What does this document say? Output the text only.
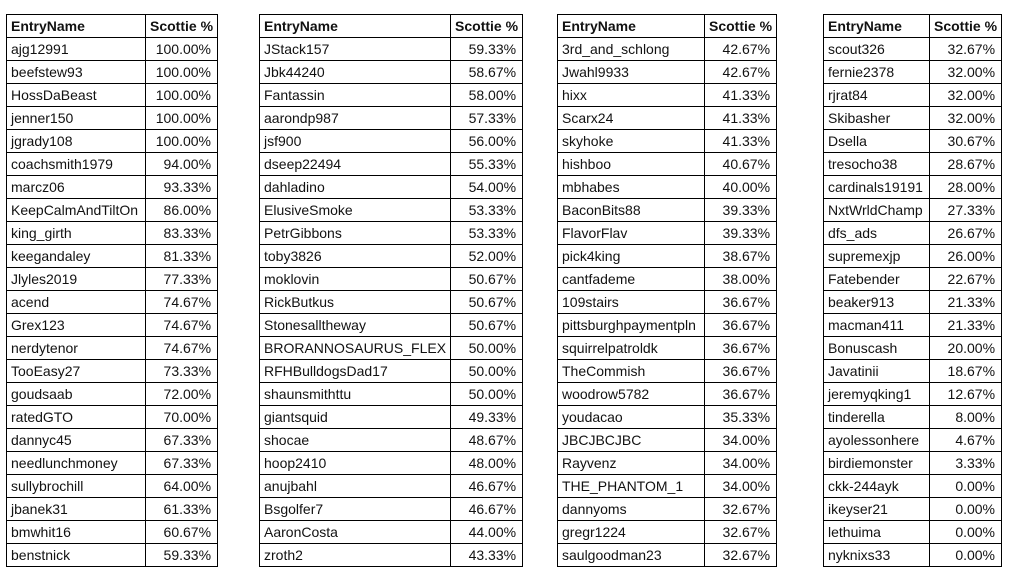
EntryName	Scottie %
ajg12991	100.00%
beefstew93	100.00%
HossDaBeast	100.00%
jenner150	100.00%
jgrady108	100.00%
coachsmith1979	94.00%
marcz06	93.33%
KeepCalmAndTiltOn	86.00%
king_girth	83.33%
keegandaley	81.33%
Jlyles2019	77.33%
acend	74.67%
Grex123	74.67%
nerdytenor	74.67%
TooEasy27	73.33%
goudsaab	72.00%
ratedGTO	70.00%
dannyc45	67.33%
needlunchmoney	67.33%
sullybrochill	64.00%
jbanek31	61.33%
bmwhit16	60.67%
benstnick	59.33%
EntryName	Scottie %
JStack157	59.33%
Jbk44240	58.67%
Fantassin	58.00%
aarondp987	57.33%
jsf900	56.00%
dseep22494	55.33%
dahladino	54.00%
ElusiveSmoke	53.33%
PetrGibbons	53.33%
toby3826	52.00%
moklovin	50.67%
RickButkus	50.67%
Stonesalltheway	50.67%
BRORANNOSAURUS_FLEX	50.00%
RFHBulldogsDad17	50.00%
shaunsmithttu	50.00%
giantsquid	49.33%
shocae	48.67%
hoop2410	48.00%
anujbahl	46.67%
Bsgolfer7	46.67%
AaronCosta	44.00%
zroth2	43.33%
EntryName	Scottie %
3rd_and_schlong	42.67%
Jwahl9933	42.67%
hixx	41.33%
Scarx24	41.33%
skyhoke	41.33%
hishboo	40.67%
mbhabes	40.00%
BaconBits88	39.33%
FlavorFlav	39.33%
pick4king	38.67%
cantfademe	38.00%
109stairs	36.67%
pittsburghpaymentpln	36.67%
squirrelpatroldk	36.67%
TheCommish	36.67%
woodrow5782	36.67%
youdacao	35.33%
JBCJBCJBC	34.00%
Rayvenz	34.00%
THE_PHANTOM_1	34.00%
dannyoms	32.67%
gregr1224	32.67%
saulgoodman23	32.67%
EntryName	Scottie %
scout326	32.67%
fernie2378	32.00%
rjrat84	32.00%
Skibasher	32.00%
Dsella	30.67%
tresocho38	28.67%
cardinals19191	28.00%
NxtWrldChamp	27.33%
dfs_ads	26.67%
supremexjp	26.00%
Fatebender	22.67%
beaker913	21.33%
macman411	21.33%
Bonuscash	20.00%
Javatinii	18.67%
jeremyqking1	12.67%
tinderella	8.00%
ayolessonhere	4.67%
birdiemonster	3.33%
ckk-244ayk	0.00%
ikeyser21	0.00%
lethuima	0.00%
nyknixs33	0.00%
